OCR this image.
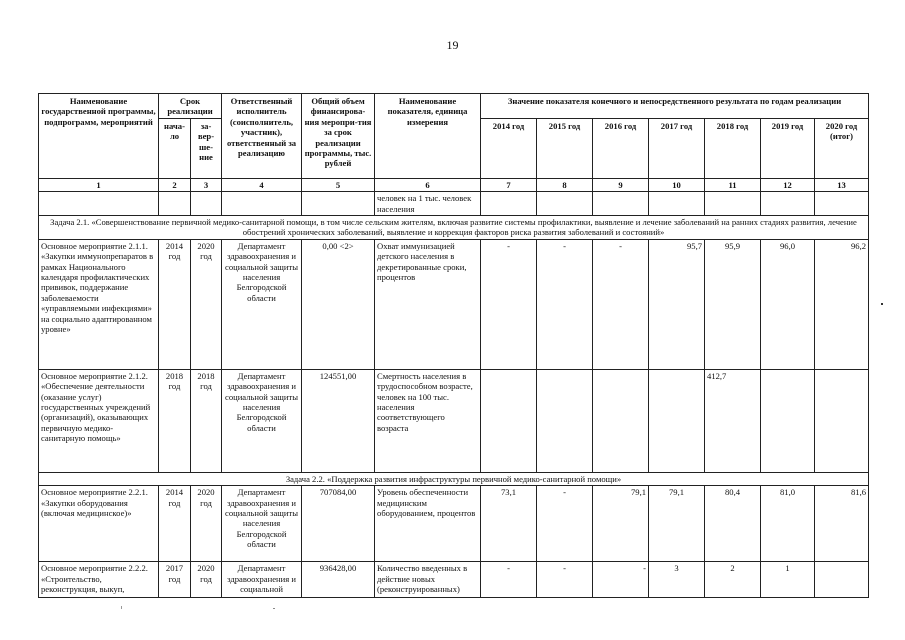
19
Наименование государственной программы, подпрограмм, мероприятий	Срок реализации		Ответственный исполнитель (соисполнитель, участник), ответственный за реализацию	Общий объем финансирова-ния меропри-тия за срок реализации программы, тыс. рублей	Наименование показателя, единица измерения	Значение показателя конечного и непосредственного результата по годам реализации						
	нача-ло	за-вер-ше-ние				2014 год	2015 год	2016 год	2017 год	2018 год	2019 год	2020 год (итог)
1	2	3	4	5	6	7	8	9	10	11	12	13
					человек на 1 тыс. человек населения							
Задача 2.1. «Совершенствование первичной медико-санитарной помощи, в том числе сельским жителям, включая развитие системы профилактики, выявление и лечение заболеваний на ранних стадиях развития, лечение обострений хронических заболеваний, выявление и коррекция факторов риска развития заболеваний и состояний»												
Основное мероприятие 2.1.1. «Закупки иммунопрепаратов в рамках Национального календаря профилактических прививок, поддержание заболеваемости «управляемыми инфекциями» на социально адаптированном уровне»	2014 год	2020 год	Департамент здравоохранения и социальной защиты населения Белгородской области	0,00 <2>	Охват иммунизацией детского населения в декретированные сроки, процентов	-	-	-	95,7	95,9	96,0	96,2
Основное мероприятие 2.1.2. «Обеспечение деятельности (оказание услуг) государственных учреждений (организаций), оказывающих первичную медико-санитарную помощь»	2018 год	2018 год	Департамент здравоохранения и социальной защиты населения Белгородской области	124551,00	Смертность населения в трудоспособном возрасте, человек на 100 тыс. населения соответствующего возраста					412,7		
Задача 2.2. «Поддержка развития инфраструктуры первичной медико-санитарной помощи»												
Основное мероприятие 2.2.1. «Закупки оборудования (включая медицинское)»	2014 год	2020 год	Департамент здравоохранения и социальной защиты населения Белгородской области	707084,00	Уровень обеспеченности медицинским оборудованием, процентов	73,1	-	79,1	79,1	80,4	81,0	81,6
Основное мероприятие 2.2.2. «Строительство, реконструкция, выкуп,	2017 год	2020 год	Департамент здравоохранения и социальной	936428,00	Количество введенных в действие новых (реконструированных)	-	-	-	3	2	1	
